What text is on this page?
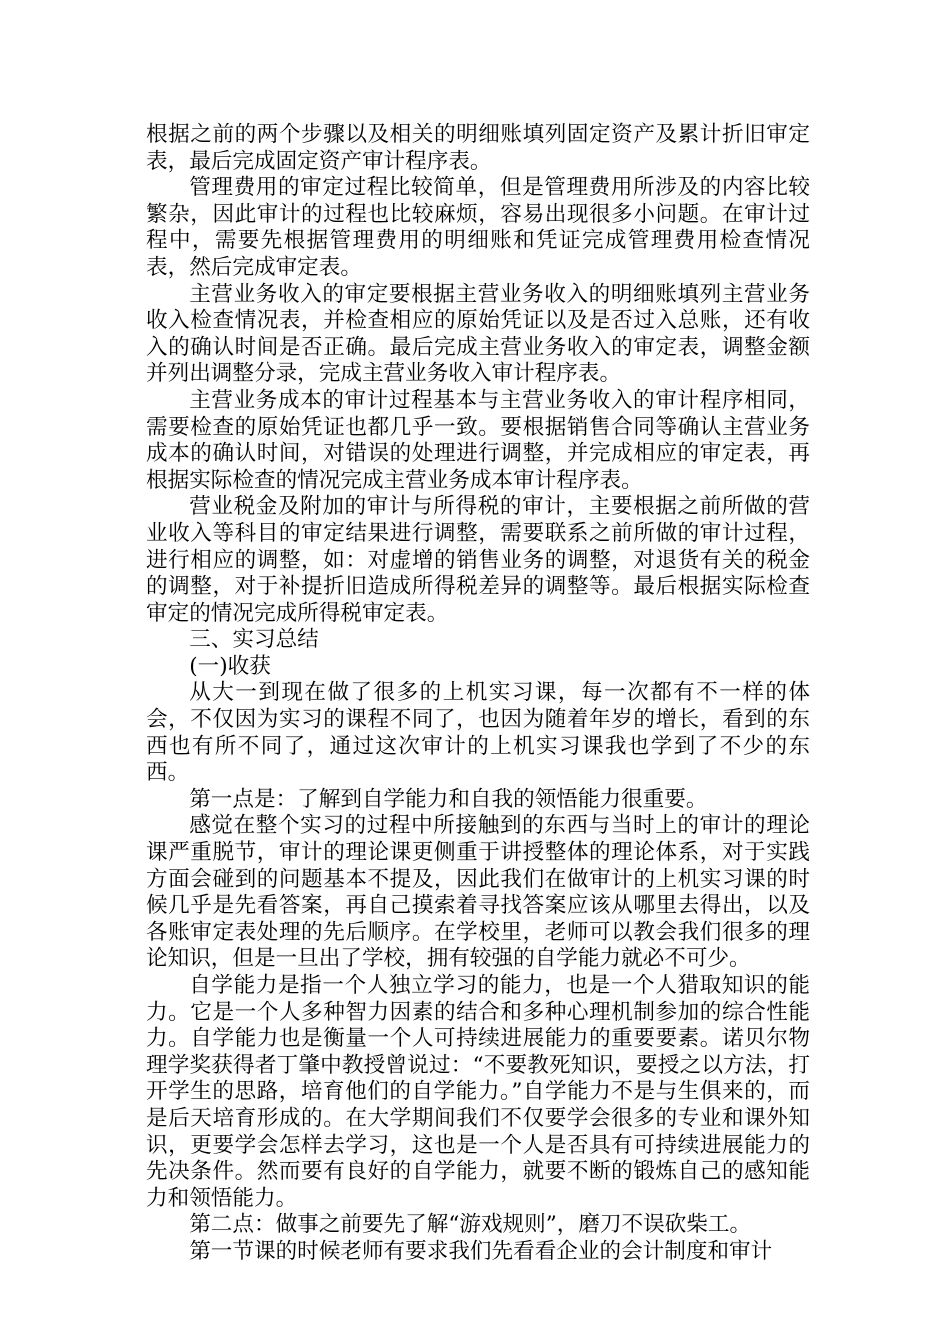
根据之前的两个步骤以及相关的明细账填列固定资产及累计折旧审定表，最后完成固定资产审计程序表。

管理费用的审定过程比较简单，但是管理费用所涉及的内容比较繁杂，因此审计的过程也比较麻烦，容易出现很多小问题。在审计过程中，需要先根据管理费用的明细账和凭证完成管理费用检查情况表，然后完成审定表。

主营业务收入的审定要根据主营业务收入的明细账填列主营业务收入检查情况表，并检查相应的原始凭证以及是否过入总账，还有收入的确认时间是否正确。最后完成主营业务收入的审定表，调整金额并列出调整分录，完成主营业务收入审计程序表。

主营业务成本的审计过程基本与主营业务收入的审计程序相同，需要检查的原始凭证也都几乎一致。要根据销售合同等确认主营业务成本的确认时间，对错误的处理进行调整，并完成相应的审定表，再根据实际检查的情况完成主营业务成本审计程序表。

营业税金及附加的审计与所得税的审计，主要根据之前所做的营业收入等科目的审定结果进行调整，需要联系之前所做的审计过程，进行相应的调整，如：对虚增的销售业务的调整，对退货有关的税金的调整，对于补提折旧造成所得税差异的调整等。最后根据实际检查审定的情况完成所得税审定表。

三、实习总结

(一)收获

从大一到现在做了很多的上机实习课，每一次都有不一样的体会，不仅因为实习的课程不同了，也因为随着年岁的增长，看到的东西也有所不同了，通过这次审计的上机实习课我也学到了不少的东西。

第一点是：了解到自学能力和自我的领悟能力很重要。

感觉在整个实习的过程中所接触到的东西与当时上的审计的理论课严重脱节，审计的理论课更侧重于讲授整体的理论体系，对于实践方面会碰到的问题基本不提及，因此我们在做审计的上机实习课的时候几乎是先看答案，再自己摸索着寻找答案应该从哪里去得出，以及各账审定表处理的先后顺序。在学校里，老师可以教会我们很多的理论知识，但是一旦出了学校，拥有较强的自学能力就必不可少。

自学能力是指一个人独立学习的能力，也是一个人猎取知识的能力。它是一个人多种智力因素的结合和多种心理机制参加的综合性能力。自学能力也是衡量一个人可持续进展能力的重要要素。诺贝尔物理学奖获得者丁肇中教授曾说过：“不要教死知识，要授之以方法，打开学生的思路，培育他们的自学能力。”自学能力不是与生俱来的，而是后天培育形成的。在大学期间我们不仅要学会很多的专业和课外知识，更要学会怎样去学习，这也是一个人是否具有可持续进展能力的先决条件。然而要有良好的自学能力，就要不断的锻炼自己的感知能力和领悟能力。

第二点：做事之前要先了解“游戏规则”，磨刀不误砍柴工。

第一节课的时候老师有要求我们先看看企业的会计制度和审计
